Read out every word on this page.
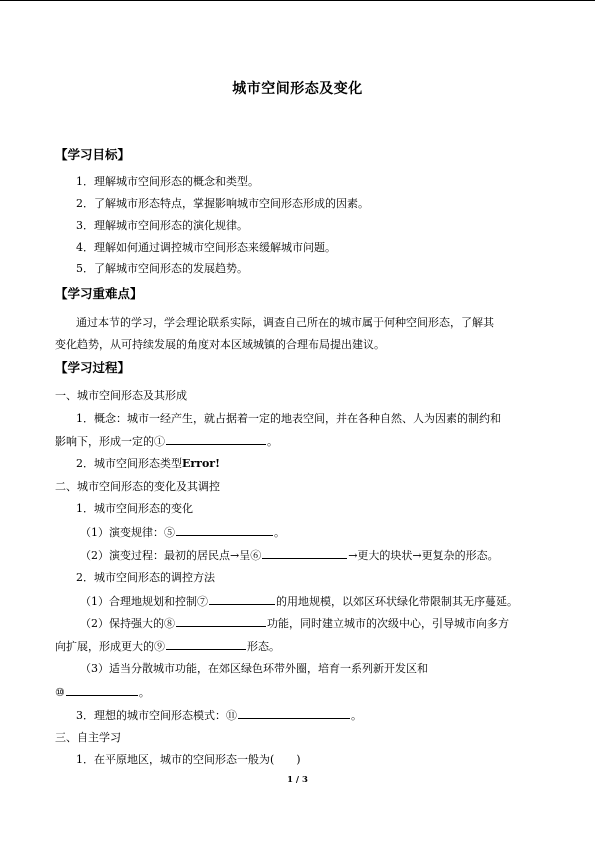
城市空间形态及变化
【学习目标】
1．理解城市空间形态的概念和类型。
2．了解城市形态特点，掌握影响城市空间形态形成的因素。
3．理解城市空间形态的演化规律。
4．理解如何通过调控城市空间形态来缓解城市问题。
5．了解城市空间形态的发展趋势。
【学习重难点】
通过本节的学习，学会理论联系实际，调查自己所在的城市属于何种空间形态，了解其
变化趋势，从可持续发展的角度对本区域城镇的合理布局提出建议。
【学习过程】
一、城市空间形态及其形成
1．概念：城市一经产生，就占据着一定的地表空间，并在各种自然、人为因素的制约和
影响下，形成一定的①	。
2．城市空间形态类型Error!
二、城市空间形态的变化及其调控
1．城市空间形态的变化
（1）演变规律：⑤	。
（2）演变过程：最初的居民点→呈⑥	→更大的块状→更复杂的形态。
2．城市空间形态的调控方法
（1）合理地规划和控制⑦	的用地规模，以郊区环状绿化带限制其无序蔓延。
（2）保持强大的⑧	功能，同时建立城市的次级中心，引导城市向多方
向扩展，形成更大的⑨	形态。
（3）适当分散城市功能，在郊区绿色环带外圈，培育一系列新开发区和
⑩	。
3．理想的城市空间形态模式：⑪	。
三、自主学习
1．在平原地区，城市的空间形态一般为(　　)
1 / 3
